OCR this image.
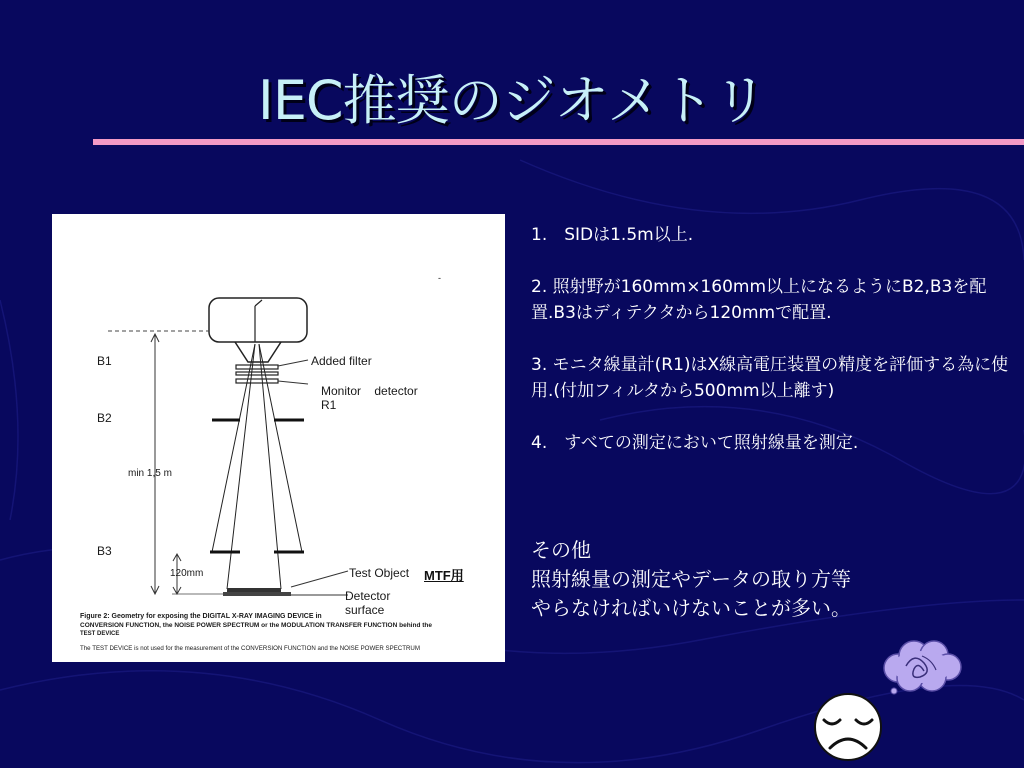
IEC推奨のジオメトリ
B1
B2
B3
Added filter
Monitor    detector
R1
min 1,5 m
120mm	Test Object
Detector
surface
-
Figure 2: Geometry for exposing the DIGITAL X-RAY IMAGING DEVICE in
CONVERSION FUNCTION, the NOISE POWER SPECTRUM or the MODULATION TRANSFER FUNCTION behind the
TEST DEVICE
The TEST DEVICE is not used for the measurement of the CONVERSION FUNCTION and the NOISE POWER SPECTRUM
MTF用
1.　SIDは1.5m以上.
2. 照射野が160mm×160mm以上になるようにB2,B3を配置.B3はディテクタから120mmで配置.
3. モニタ線量計(R1)はX線高電圧装置の精度を評価する為に使用.(付加フィルタから500mm以上離す)
4.　すべての測定において照射線量を測定.
その他
照射線量の測定やデータの取り方等
やらなければいけないことが多い。
